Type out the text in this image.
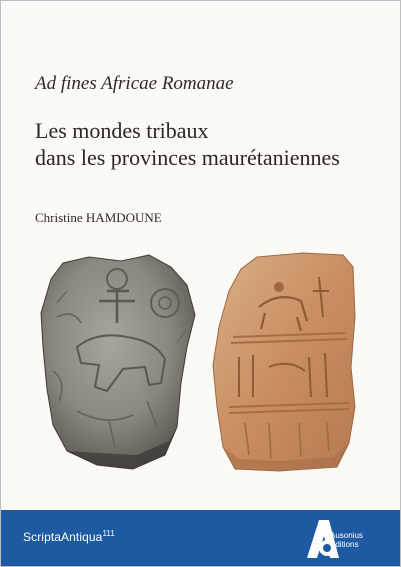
Ad fines Africae Romanae
Les mondes tribaux
dans les provinces maurétaniennes
Christine HAMDOUNE
ScriptaAntiqua$^{111}$	Ausonius
Éditions
